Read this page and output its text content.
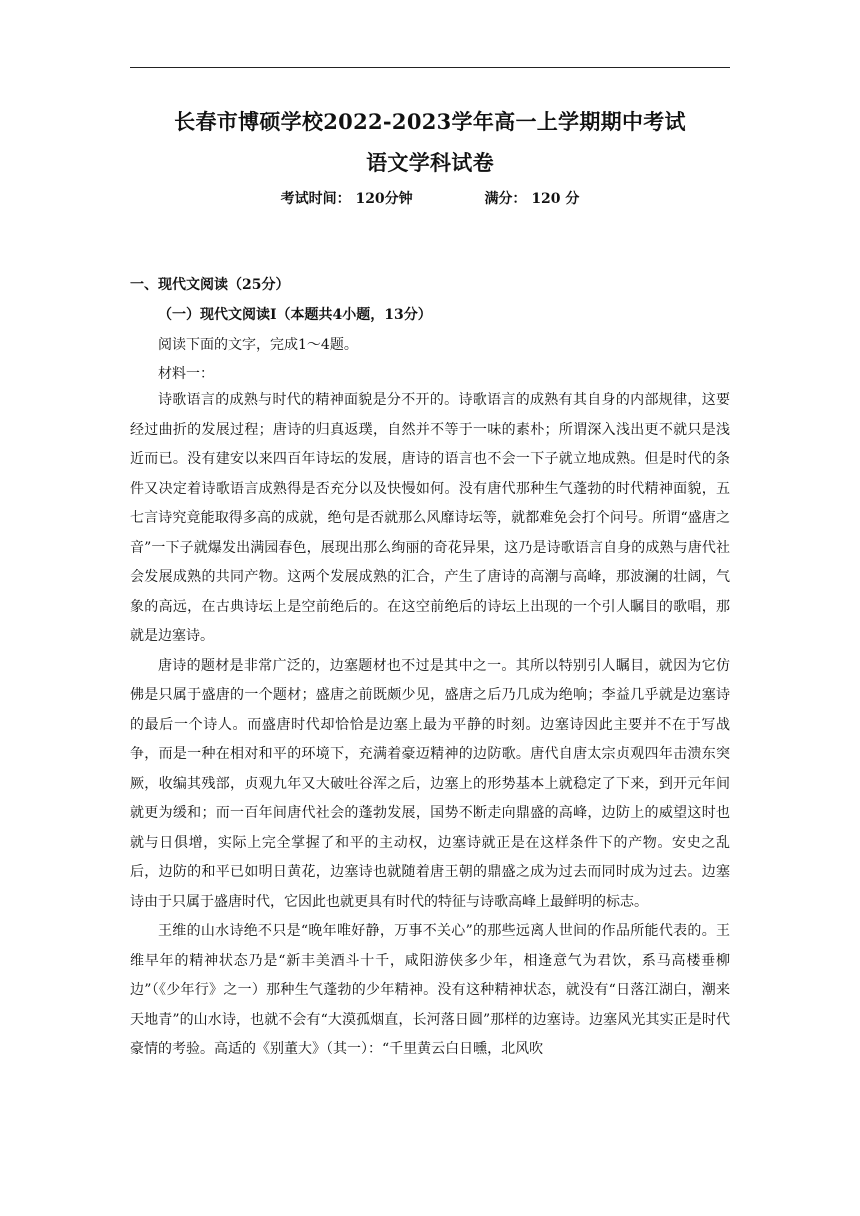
长春市博硕学校2022-2023学年高一上学期期中考试
语文学科试卷
考试时间： 120分钟	满分： 120 分
一、现代文阅读（25分）
（一）现代文阅读I（本题共4小题，13分）
阅读下面的文字，完成1～4题。
材料一：

诗歌语言的成熟与时代的精神面貌是分不开的。诗歌语言的成熟有其自身的内部规律，这要经过曲折的发展过程；唐诗的归真返璞，自然并不等于一味的素朴；所谓深入浅出更不就只是浅近而已。没有建安以来四百年诗坛的发展，唐诗的语言也不会一下子就立地成熟。但是时代的条件又决定着诗歌语言成熟得是否充分以及快慢如何。没有唐代那种生气蓬勃的时代精神面貌，五七言诗究竟能取得多高的成就，绝句是否就那么风靡诗坛等，就都难免会打个问号。所谓“盛唐之音”一下子就爆发出满园春色，展现出那么绚丽的奇花异果，这乃是诗歌语言自身的成熟与唐代社会发展成熟的共同产物。这两个发展成熟的汇合，产生了唐诗的高潮与高峰，那波澜的壮阔，气象的高远，在古典诗坛上是空前绝后的。在这空前绝后的诗坛上出现的一个引人瞩目的歌唱，那就是边塞诗。

唐诗的题材是非常广泛的，边塞题材也不过是其中之一。其所以特别引人瞩目，就因为它仿佛是只属于盛唐的一个题材；盛唐之前既颇少见，盛唐之后乃几成为绝响；李益几乎就是边塞诗的最后一个诗人。而盛唐时代却恰恰是边塞上最为平静的时刻。边塞诗因此主要并不在于写战争，而是一种在相对和平的环境下，充满着豪迈精神的边防歌。唐代自唐太宗贞观四年击溃东突厥，收编其残部，贞观九年又大破吐谷浑之后，边塞上的形势基本上就稳定了下来，到开元年间就更为缓和；而一百年间唐代社会的蓬勃发展，国势不断走向鼎盛的高峰，边防上的威望这时也就与日俱增，实际上完全掌握了和平的主动权，边塞诗就正是在这样条件下的产物。安史之乱后，边防的和平已如明日黄花，边塞诗也就随着唐王朝的鼎盛之成为过去而同时成为过去。边塞诗由于只属于盛唐时代，它因此也就更具有时代的特征与诗歌高峰上最鲜明的标志。

王维的山水诗绝不只是“晚年唯好静，万事不关心”的那些远离人世间的作品所能代表的。王维早年的精神状态乃是“新丰美酒斗十千，咸阳游侠多少年，相逢意气为君饮，系马高楼垂柳边”（《少年行》之一）那种生气蓬勃的少年精神。没有这种精神状态，就没有“日落江湖白，潮来天地青”的山水诗，也就不会有“大漠孤烟直，长河落日圆”那样的边塞诗。边塞风光其实正是时代豪情的考验。高适的《别董大》（其一）：“千里黄云白日曛，北风吹
